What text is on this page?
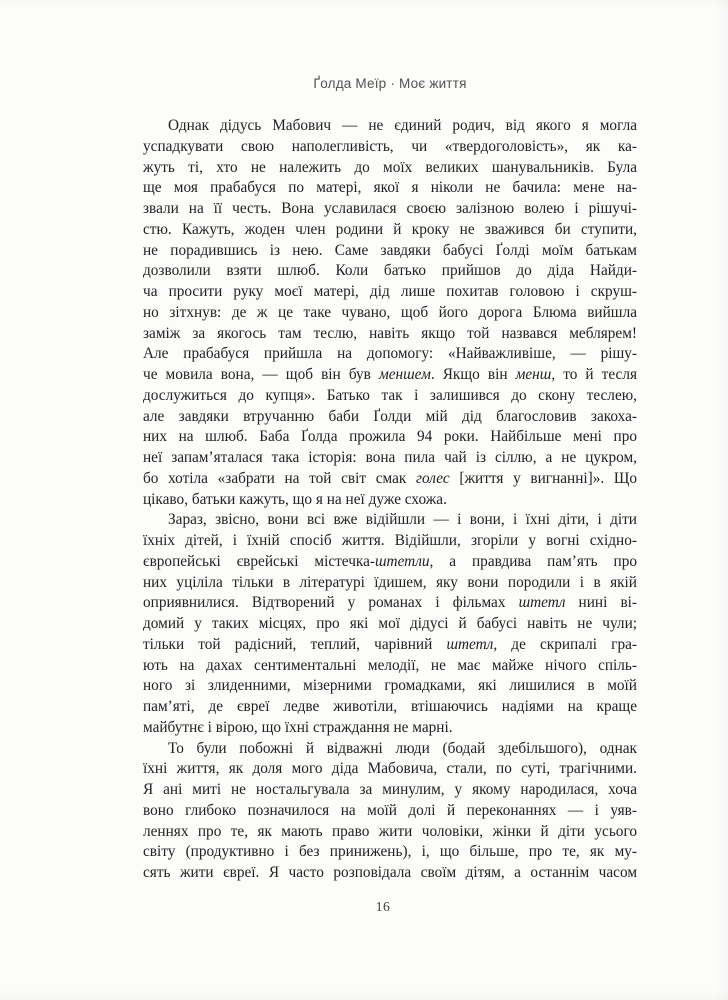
Ґолда Меїр · Моє життя
Однак дідусь Мабович — не єдиний родич, від якого я могла
успадкувати свою наполегливість, чи «твердоголовість», як ка-
жуть ті, хто не належить до моїх великих шанувальників. Була
ще моя прабабуся по матері, якої я ніколи не бачила: мене на-
звали на її честь. Вона уславилася своєю залізною волею і рішучі-
стю. Кажуть, жоден член родини й кроку не зважився би ступити,
не порадившись із нею. Саме завдяки бабусі Ґолді моїм батькам
дозволили взяти шлюб. Коли батько прийшов до діда Найди-
ча просити руку моєї матері, дід лише похитав головою і скруш-
но зітхнув: де ж це таке чувано, щоб його дорога Блюма вийшла
заміж за якогось там теслю, навіть якщо той назвався меблярем!
Але прабабуся прийшла на допомогу: «Найважливіше, — рішу-
че мовила вона, — щоб він був меншем. Якщо він менш, то й тесля
дослужиться до купця». Батько так і залишився до скону теслею,
але завдяки втручанню баби Ґолди мій дід благословив закоха-
них на шлюб. Баба Ґолда прожила 94 роки. Найбільше мені про
неї запам’яталася така історія: вона пила чай із сіллю, а не цукром,
бо хотіла «забрати на той світ смак голес [життя у вигнанні]». Що
цікаво, батьки кажуть, що я на неї дуже схожа.
Зараз, звісно, вони всі вже відійшли — і вони, і їхні діти, і діти
їхніх дітей, і їхній спосіб життя. Відійшли, згоріли у вогні східно-
європейські єврейські містечка-штетли, а правдива пам’ять про
них уціліла тільки в літературі їдишем, яку вони породили і в якій
оприявнилися. Відтворений у романах і фільмах штетл нині ві-
домий у таких місцях, про які мої дідусі й бабусі навіть не чули;
тільки той радісний, теплий, чарівний штетл, де скрипалі гра-
ють на дахах сентиментальні мелодії, не має майже нічого спіль-
ного зі злиденними, мізерними громадками, які лишилися в моїй
пам’яті, де євреї ледве животіли, втішаючись надіями на краще
майбутнє і вірою, що їхні страждання не марні.
То були побожні й відважні люди (бодай здебільшого), однак
їхні життя, як доля мого діда Мабовича, стали, по суті, трагічними.
Я ані миті не ностальгувала за минулим, у якому народилася, хоча
воно глибоко позначилося на моїй долі й переконаннях — і уяв-
леннях про те, як мають право жити чоловіки, жінки й діти усього
світу (продуктивно і без принижень), і, що більше, про те, як му-
сять жити євреї. Я часто розповідала своїм дітям, а останнім часом
16
